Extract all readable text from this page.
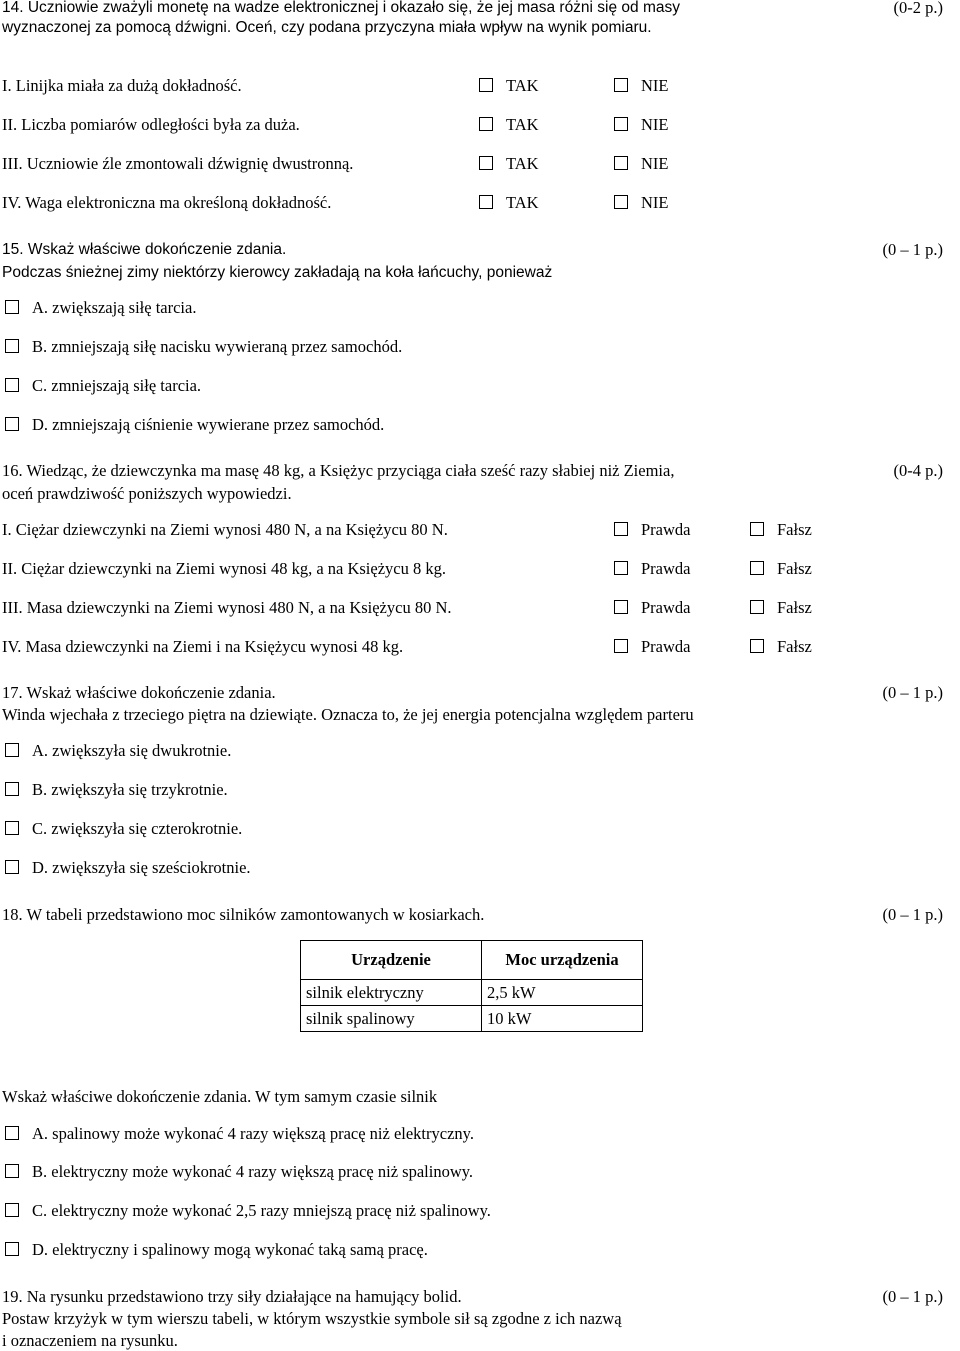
14. Uczniowie zważyli monetę na wadze elektronicznej i okazało się, że jej masa różni się od masy
wyznaczonej za pomocą dźwigni. Oceń, czy podana przyczyna miała wpływ na wynik pomiaru.
(0-2 p.)
I. Linijka miała za dużą dokładność.	TAK	NIE
II. Liczba pomiarów odległości była za duża.	TAK	NIE
III. Uczniowie źle zmontowali dźwignię dwustronną.	TAK	NIE
IV. Waga elektroniczna ma określoną dokładność.	TAK	NIE
15. Wskaż właściwe dokończenie zdania.	(0 – 1 p.)
Podczas śnieżnej zimy niektórzy kierowcy zakładają na koła łańcuchy, ponieważ
A. zwiększają siłę tarcia.
B. zmniejszają siłę nacisku wywieraną przez samochód.
C. zmniejszają siłę tarcia.
D. zmniejszają ciśnienie wywierane przez samochód.
16. Wiedząc, że dziewczynka ma masę 48 kg, a Księżyc przyciąga ciała sześć razy słabiej niż Ziemia,
oceń prawdziwość poniższych wypowiedzi.
(0-4 p.)
I. Ciężar dziewczynki na Ziemi wynosi 480 N, a na Księżycu 80 N.	Prawda	Fałsz
II. Ciężar dziewczynki na Ziemi wynosi 48 kg, a na Księżycu 8 kg.	Prawda	Fałsz
III. Masa dziewczynki na Ziemi wynosi 480 N, a na Księżycu 80 N.	Prawda	Fałsz
IV. Masa dziewczynki na Ziemi i na Księżycu wynosi 48 kg.	Prawda	Fałsz
17. Wskaż właściwe dokończenie zdania.	(0 – 1 p.)
Winda wjechała z trzeciego piętra na dziewiąte. Oznacza to, że jej energia potencjalna względem parteru
A. zwiększyła się dwukrotnie.
B. zwiększyła się trzykrotnie.
C. zwiększyła się czterokrotnie.
D. zwiększyła się sześciokrotnie.
18. W tabeli przedstawiono moc silników zamontowanych w kosiarkach.	(0 – 1 p.)
Urządzenie	Moc urządzenia
silnik elektryczny	2,5 kW
silnik spalinowy	10 kW
Wskaż właściwe dokończenie zdania. W tym samym czasie silnik
A. spalinowy może wykonać 4 razy większą pracę niż elektryczny.
B. elektryczny może wykonać 4 razy większą pracę niż spalinowy.
C. elektryczny może wykonać 2,5 razy mniejszą pracę niż spalinowy.
D. elektryczny i spalinowy mogą wykonać taką samą pracę.
19. Na rysunku przedstawiono trzy siły działające na hamujący bolid.	(0 – 1 p.)
Postaw krzyżyk w tym wierszu tabeli, w którym wszystkie symbole sił są zgodne z ich nazwą
i oznaczeniem na rysunku.
